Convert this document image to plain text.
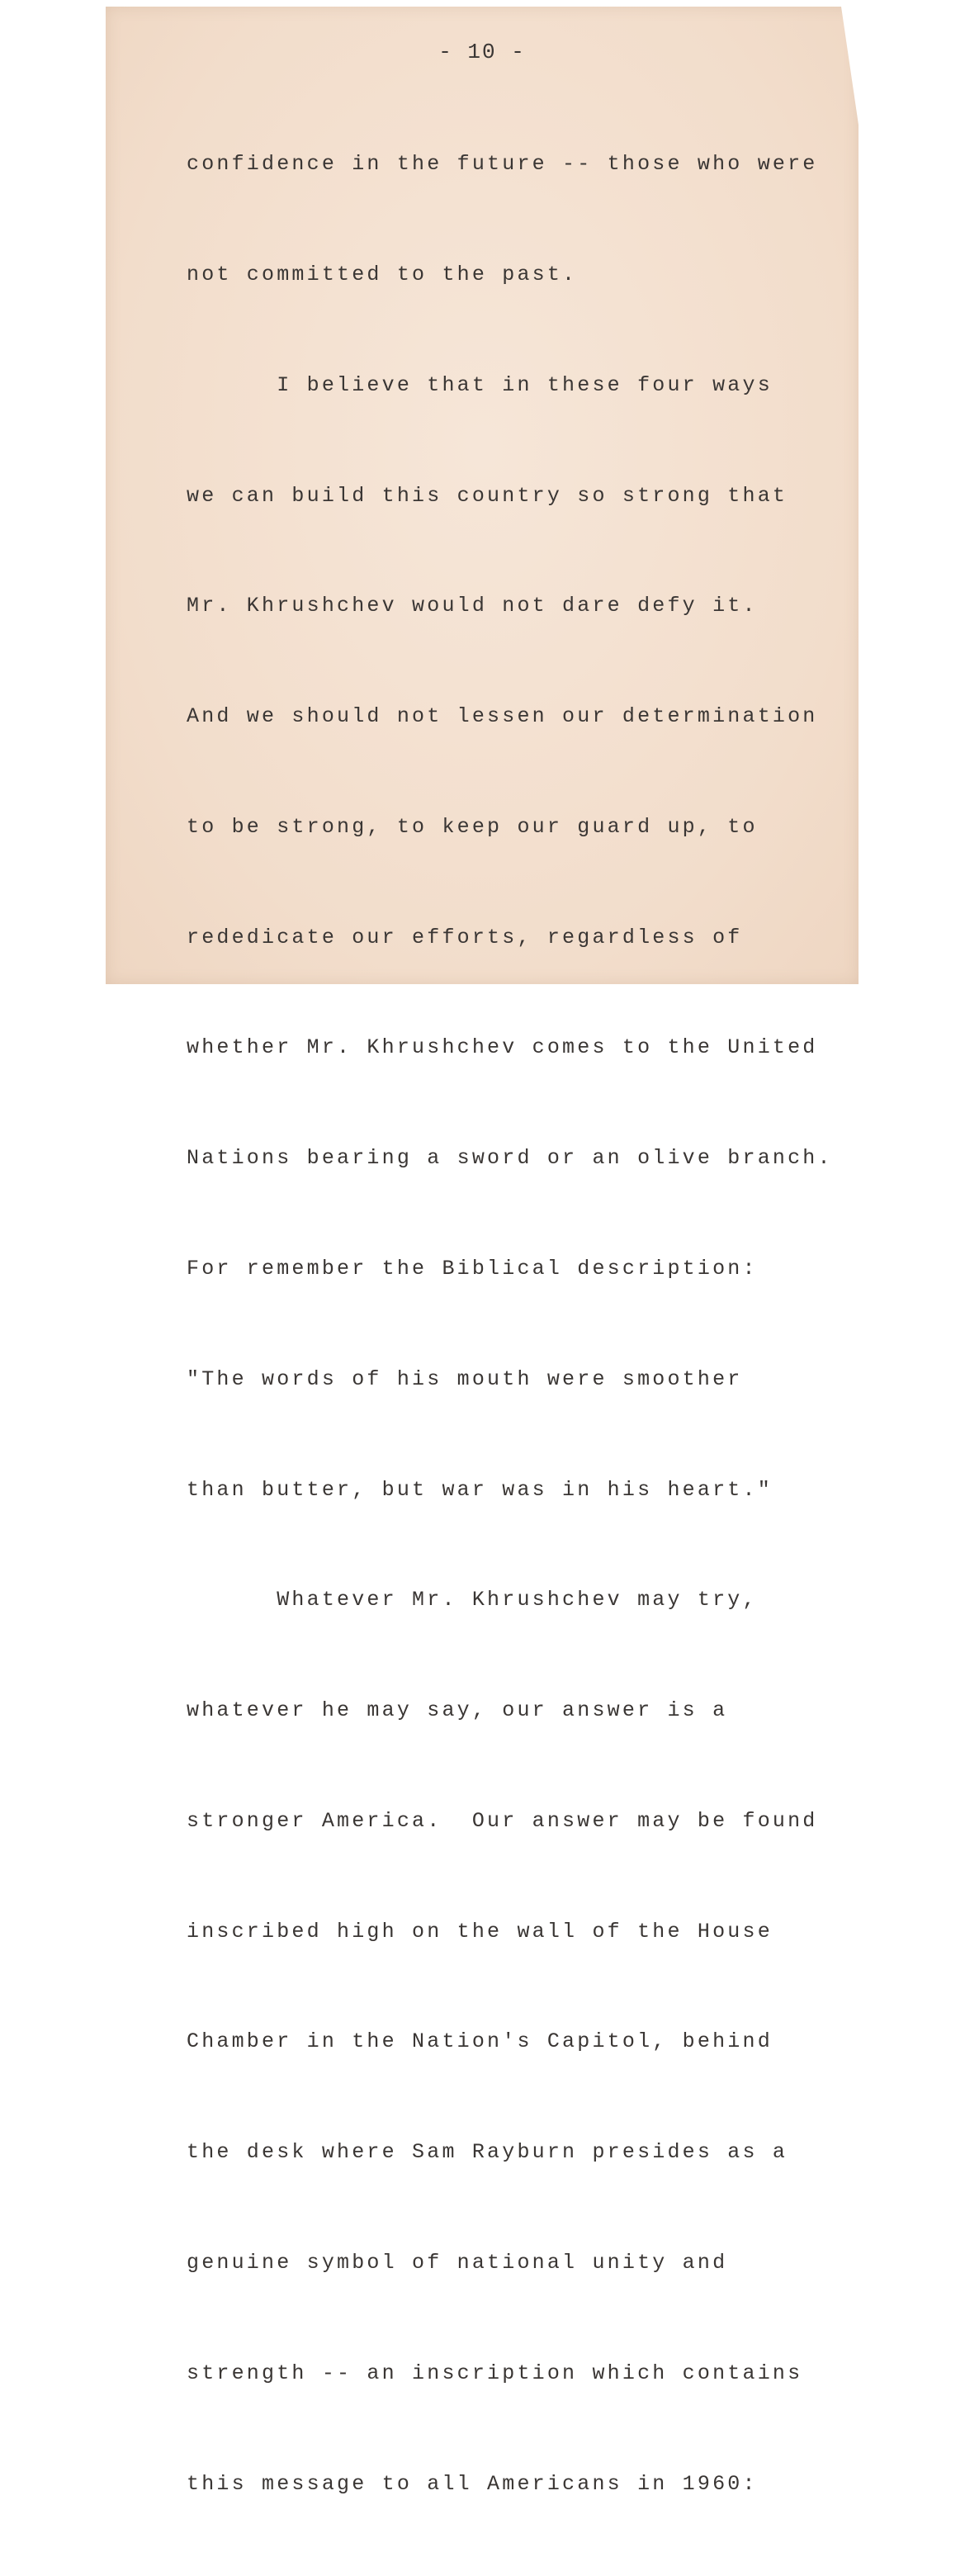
- 10 -

confidence in the future -- those who were

not committed to the past.

I believe that in these four ways

we can build this country so strong that

Mr. Khrushchev would not dare defy it.

And we should not lessen our determination

to be strong, to keep our guard up, to

rededicate our efforts, regardless of

whether Mr. Khrushchev comes to the United

Nations bearing a sword or an olive branch.

For remember the Biblical description:

"The words of his mouth were smoother

than butter, but war was in his heart."

Whatever Mr. Khrushchev may try,

whatever he may say, our answer is a

stronger America.  Our answer may be found

inscribed high on the wall of the House

Chamber in the Nation's Capitol, behind

the desk where Sam Rayburn presides as a

genuine symbol of national unity and

strength -- an inscription which contains

this message to all Americans in 1960:
